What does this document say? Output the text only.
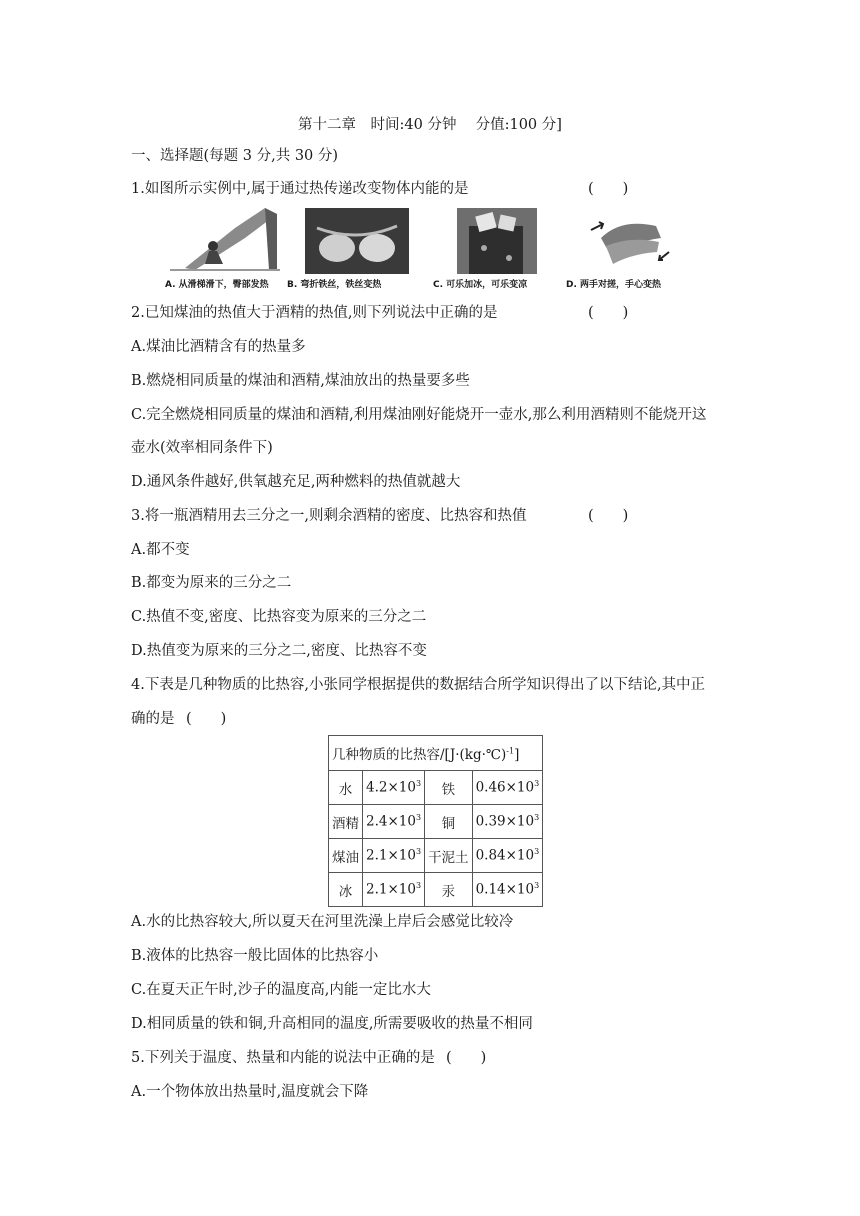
第十二章　时间:40 分钟　 分值:100 分]
一、选择题(每题 3 分,共 30 分)
1.如图所示实例中,属于通过热传递改变物体内能的是	(　　)
A. 从滑梯滑下，臀部发热	B. 弯折铁丝，铁丝变热	C. 可乐加冰，可乐变凉	D. 两手对搓，手心变热
2.已知煤油的热值大于酒精的热值,则下列说法中正确的是	(　　)
A.煤油比酒精含有的热量多
B.燃烧相同质量的煤油和酒精,煤油放出的热量要多些
C.完全燃烧相同质量的煤油和酒精,利用煤油刚好能烧开一壶水,那么利用酒精则不能烧开这
壶水(效率相同条件下)
D.通风条件越好,供氧越充足,两种燃料的热值就越大
3.将一瓶酒精用去三分之一,则剩余酒精的密度、比热容和热值	(　　)
A.都不变
B.都变为原来的三分之二
C.热值不变,密度、比热容变为原来的三分之二
D.热值变为原来的三分之二,密度、比热容不变
4.下表是几种物质的比热容,小张同学根据提供的数据结合所学知识得出了以下结论,其中正
确的是 (　　)
几种物质的比热容/[J·(kg·℃)$^{-1}$]			
水	$4.2\times 10^3$	铁	$0.46\times 10^3$
酒精	$2.4\times 10^3$	铜	$0.39\times 10^3$
煤油	$2.1\times 10^3$	干泥土	$0.84\times 10^3$
冰	$2.1\times 10^3$	汞	$0.14\times 10^3$
A.水的比热容较大,所以夏天在河里洗澡上岸后会感觉比较冷
B.液体的比热容一般比固体的比热容小
C.在夏天正午时,沙子的温度高,内能一定比水大
D.相同质量的铁和铜,升高相同的温度,所需要吸收的热量不相同
5.下列关于温度、热量和内能的说法中正确的是 (　　)
A.一个物体放出热量时,温度就会下降
